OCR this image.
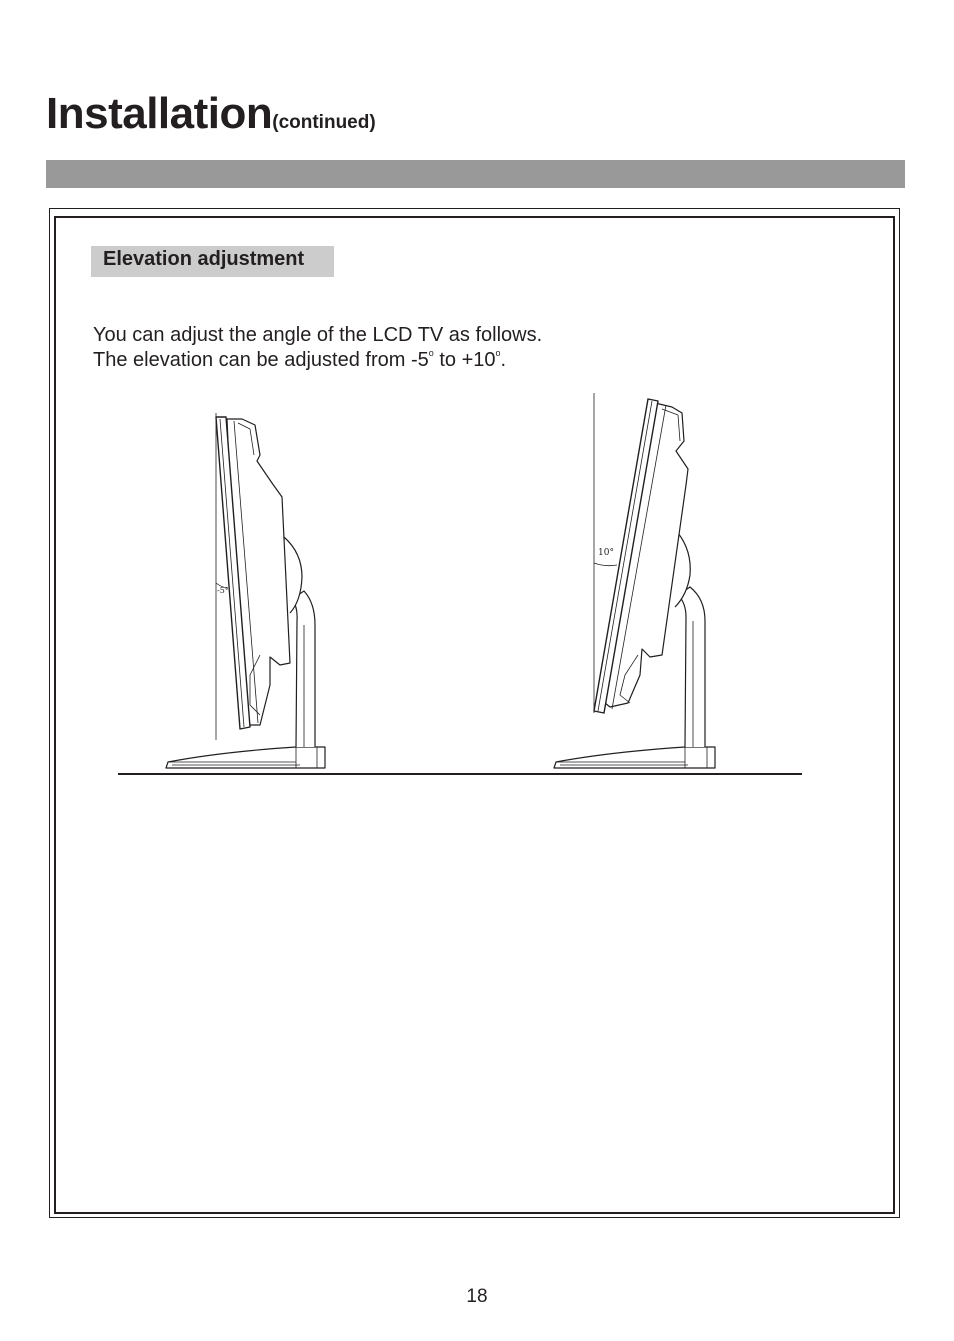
Installation(continued)
Elevation adjustment

You can adjust the angle of the LCD TV as follows.

The elevation can be adjusted from -5$^o$ to $+10^o$.

-5°
10°
18
